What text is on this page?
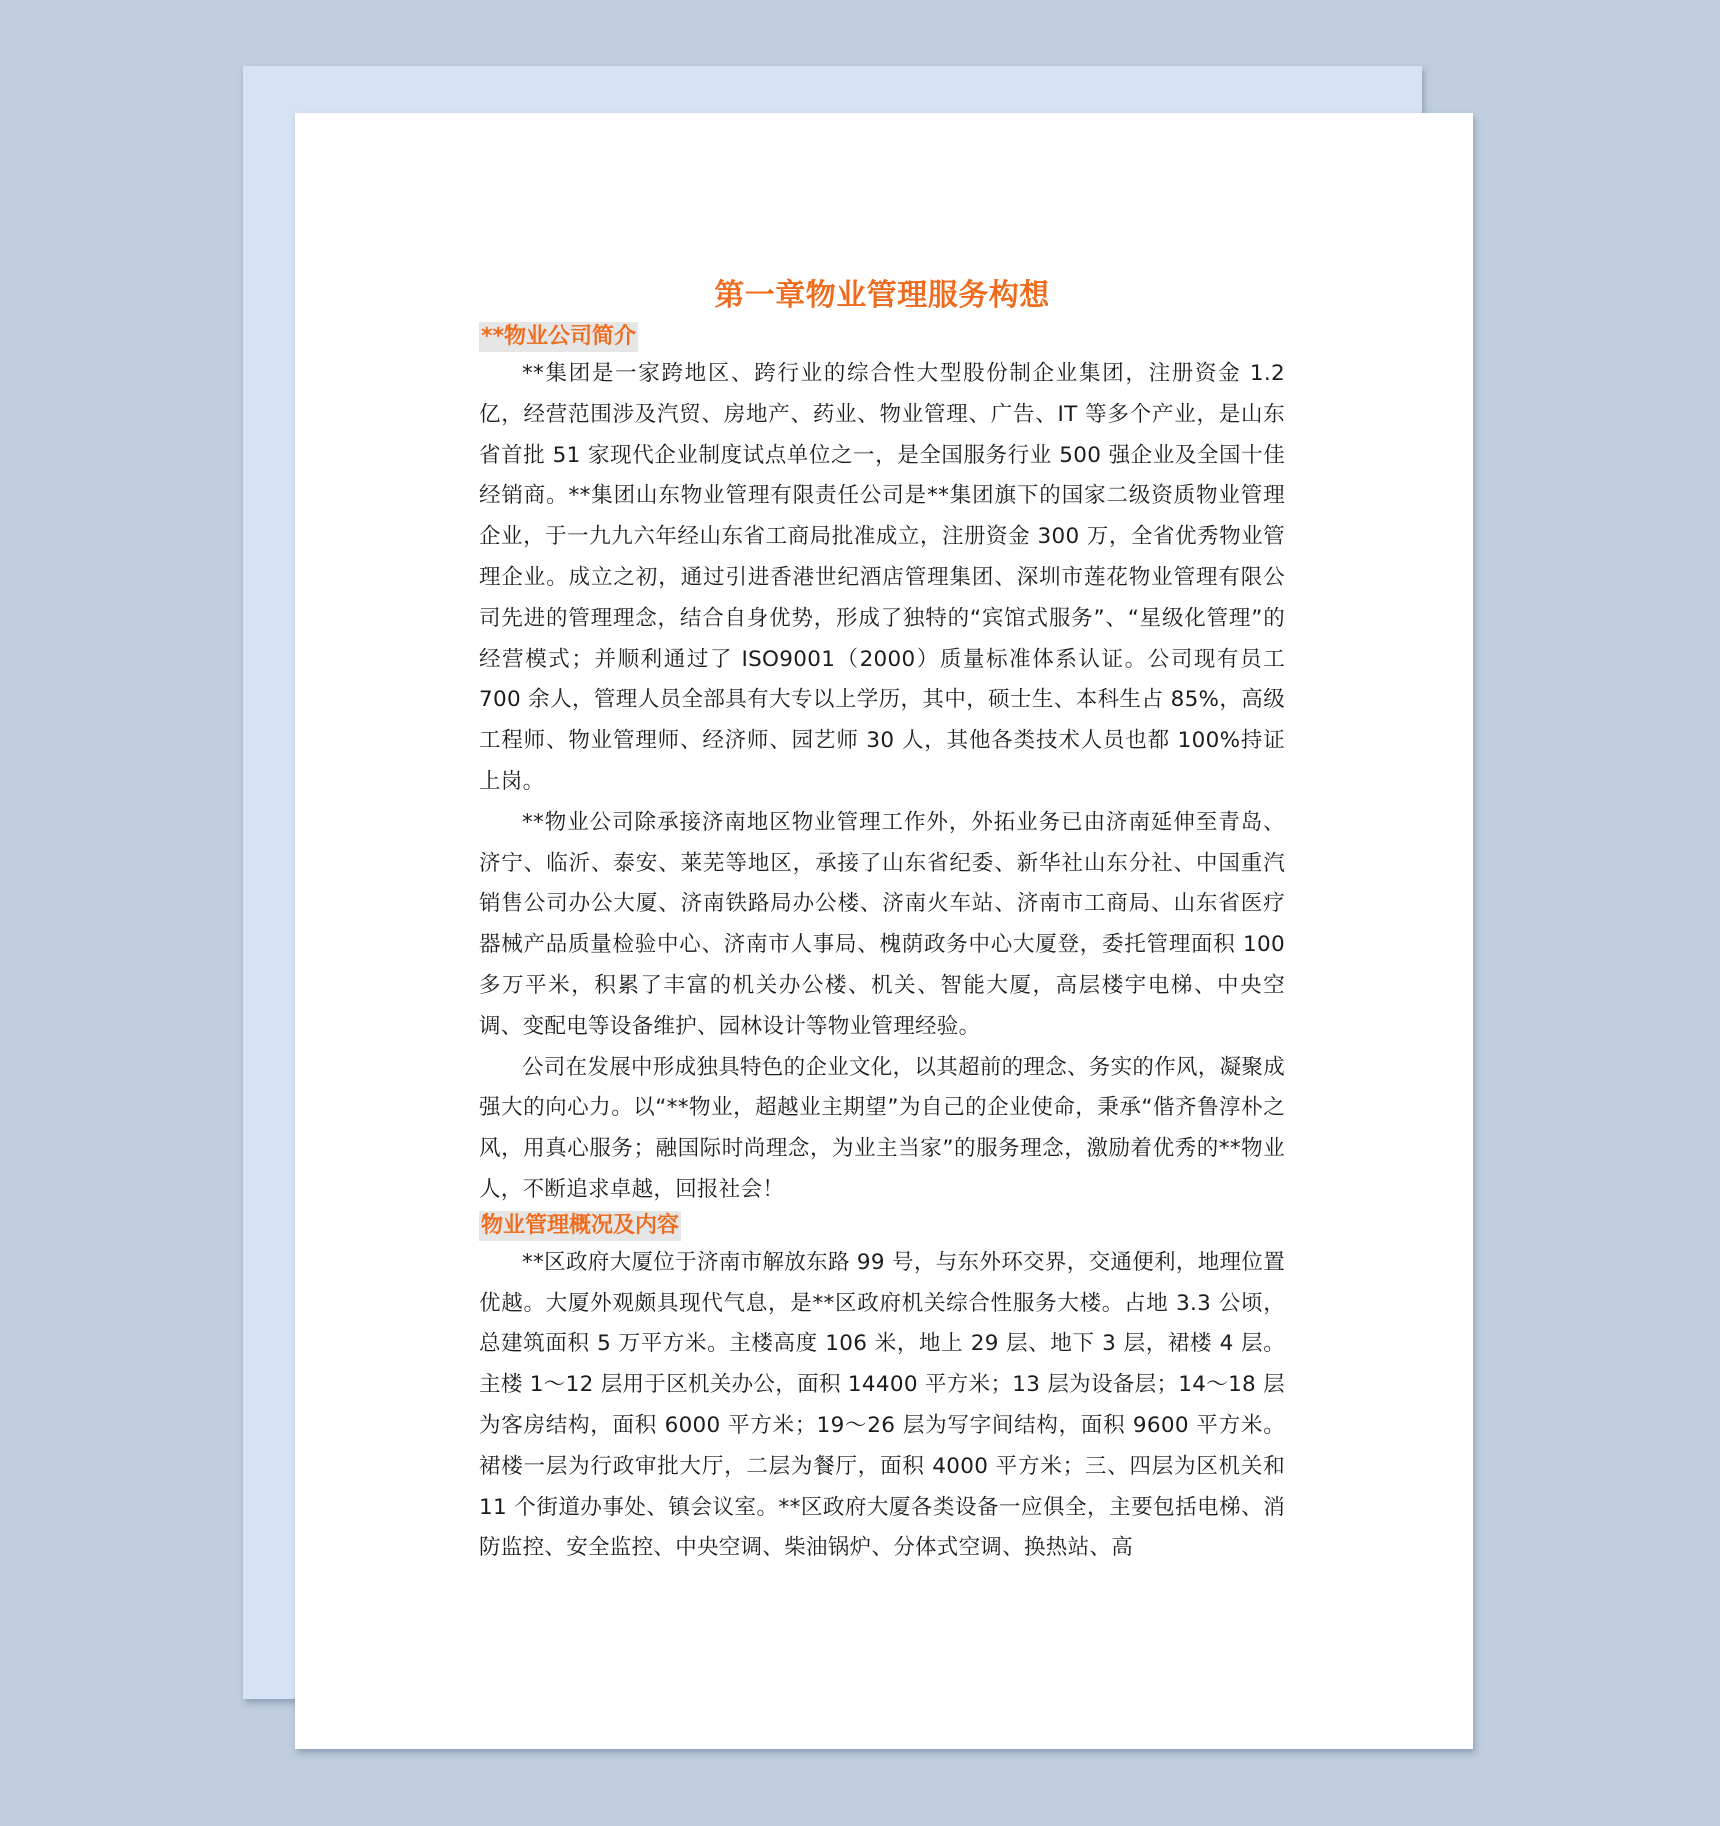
第一章物业管理服务构想
**物业公司简介

**集团是一家跨地区、跨行业的综合性大型股份制企业集团，注册资金 1.2 亿，经营范围涉及汽贸、房地产、药业、物业管理、广告、IT 等多个产业，是山东省首批 51 家现代企业制度试点单位之一，是全国服务行业 500 强企业及全国十佳经销商。**集团山东物业管理有限责任公司是**集团旗下的国家二级资质物业管理企业，于一九九六年经山东省工商局批准成立，注册资金 300 万，全省优秀物业管理企业。成立之初，通过引进香港世纪酒店管理集团、深圳市莲花物业管理有限公司先进的管理理念，结合自身优势，形成了独特的“宾馆式服务”、“星级化管理”的经营模式；并顺利通过了 ISO9001（2000）质量标准体系认证。公司现有员工 700 余人，管理人员全部具有大专以上学历，其中，硕士生、本科生占 85%，高级工程师、物业管理师、经济师、园艺师 30 人，其他各类技术人员也都 100%持证上岗。

**物业公司除承接济南地区物业管理工作外，外拓业务已由济南延伸至青岛、济宁、临沂、泰安、莱芜等地区，承接了山东省纪委、新华社山东分社、中国重汽销售公司办公大厦、济南铁路局办公楼、济南火车站、济南市工商局、山东省医疗器械产品质量检验中心、济南市人事局、槐荫政务中心大厦登，委托管理面积 100 多万平米，积累了丰富的机关办公楼、机关、智能大厦，高层楼宇电梯、中央空调、变配电等设备维护、园林设计等物业管理经验。

公司在发展中形成独具特色的企业文化，以其超前的理念、务实的作风，凝聚成强大的向心力。以“**物业，超越业主期望”为自己的企业使命，秉承“偕齐鲁淳朴之风，用真心服务；融国际时尚理念，为业主当家”的服务理念，激励着优秀的**物业人，不断追求卓越，回报社会！

物业管理概况及内容

**区政府大厦位于济南市解放东路 99 号，与东外环交界，交通便利，地理位置优越。大厦外观颇具现代气息，是**区政府机关综合性服务大楼。占地 3.3 公顷，总建筑面积 5 万平方米。主楼高度 106 米，地上 29 层、地下 3 层，裙楼 4 层。主楼 1～12 层用于区机关办公，面积 14400 平方米；13 层为设备层；14～18 层为客房结构，面积 6000 平方米；19～26 层为写字间结构，面积 9600 平方米。裙楼一层为行政审批大厅，二层为餐厅，面积 4000 平方米；三、四层为区机关和 11 个街道办事处、镇会议室。**区政府大厦各类设备一应俱全，主要包括电梯、消防监控、安全监控、中央空调、柴油锅炉、分体式空调、换热站、高
